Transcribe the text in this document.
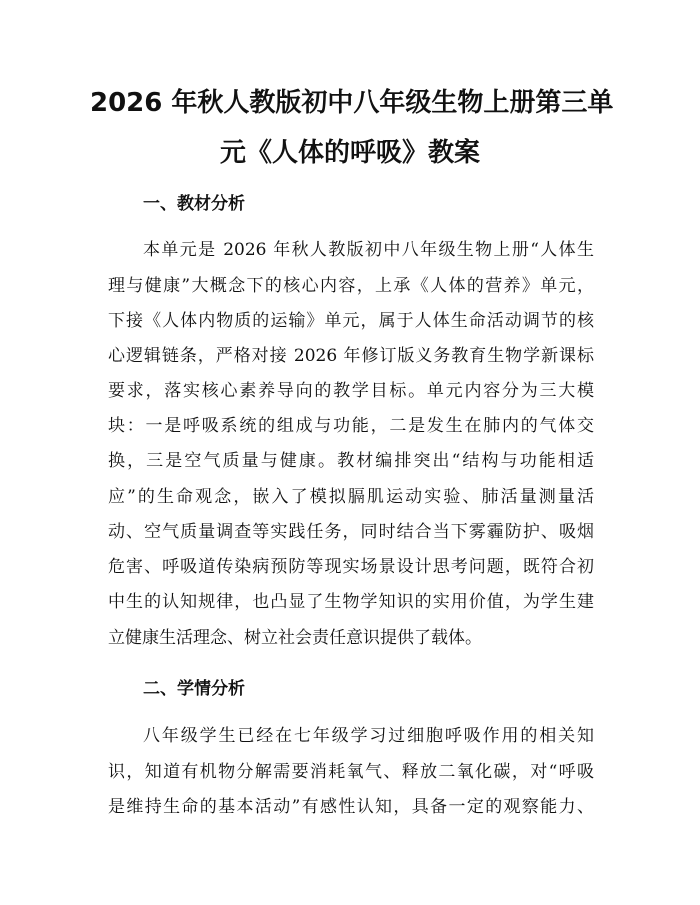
2026 年秋人教版初中八年级生物上册第三单
元《人体的呼吸》教案
一、教材分析

本单元是 2026 年秋人教版初中八年级生物上册“人体生

理与健康”大概念下的核心内容，上承《人体的营养》单元，

下接《人体内物质的运输》单元，属于人体生命活动调节的核

心逻辑链条，严格对接 2026 年修订版义务教育生物学新课标

要求，落实核心素养导向的教学目标。单元内容分为三大模

块：一是呼吸系统的组成与功能，二是发生在肺内的气体交

换，三是空气质量与健康。教材编排突出“结构与功能相适

应”的生命观念，嵌入了模拟膈肌运动实验、肺活量测量活

动、空气质量调查等实践任务，同时结合当下雾霾防护、吸烟

危害、呼吸道传染病预防等现实场景设计思考问题，既符合初

中生的认知规律，也凸显了生物学知识的实用价值，为学生建

立健康生活理念、树立社会责任意识提供了载体。

二、学情分析

八年级学生已经在七年级学习过细胞呼吸作用的相关知

识，知道有机物分解需要消耗氧气、释放二氧化碳，对“呼吸

是维持生命的基本活动”有感性认知，具备一定的观察能力、
